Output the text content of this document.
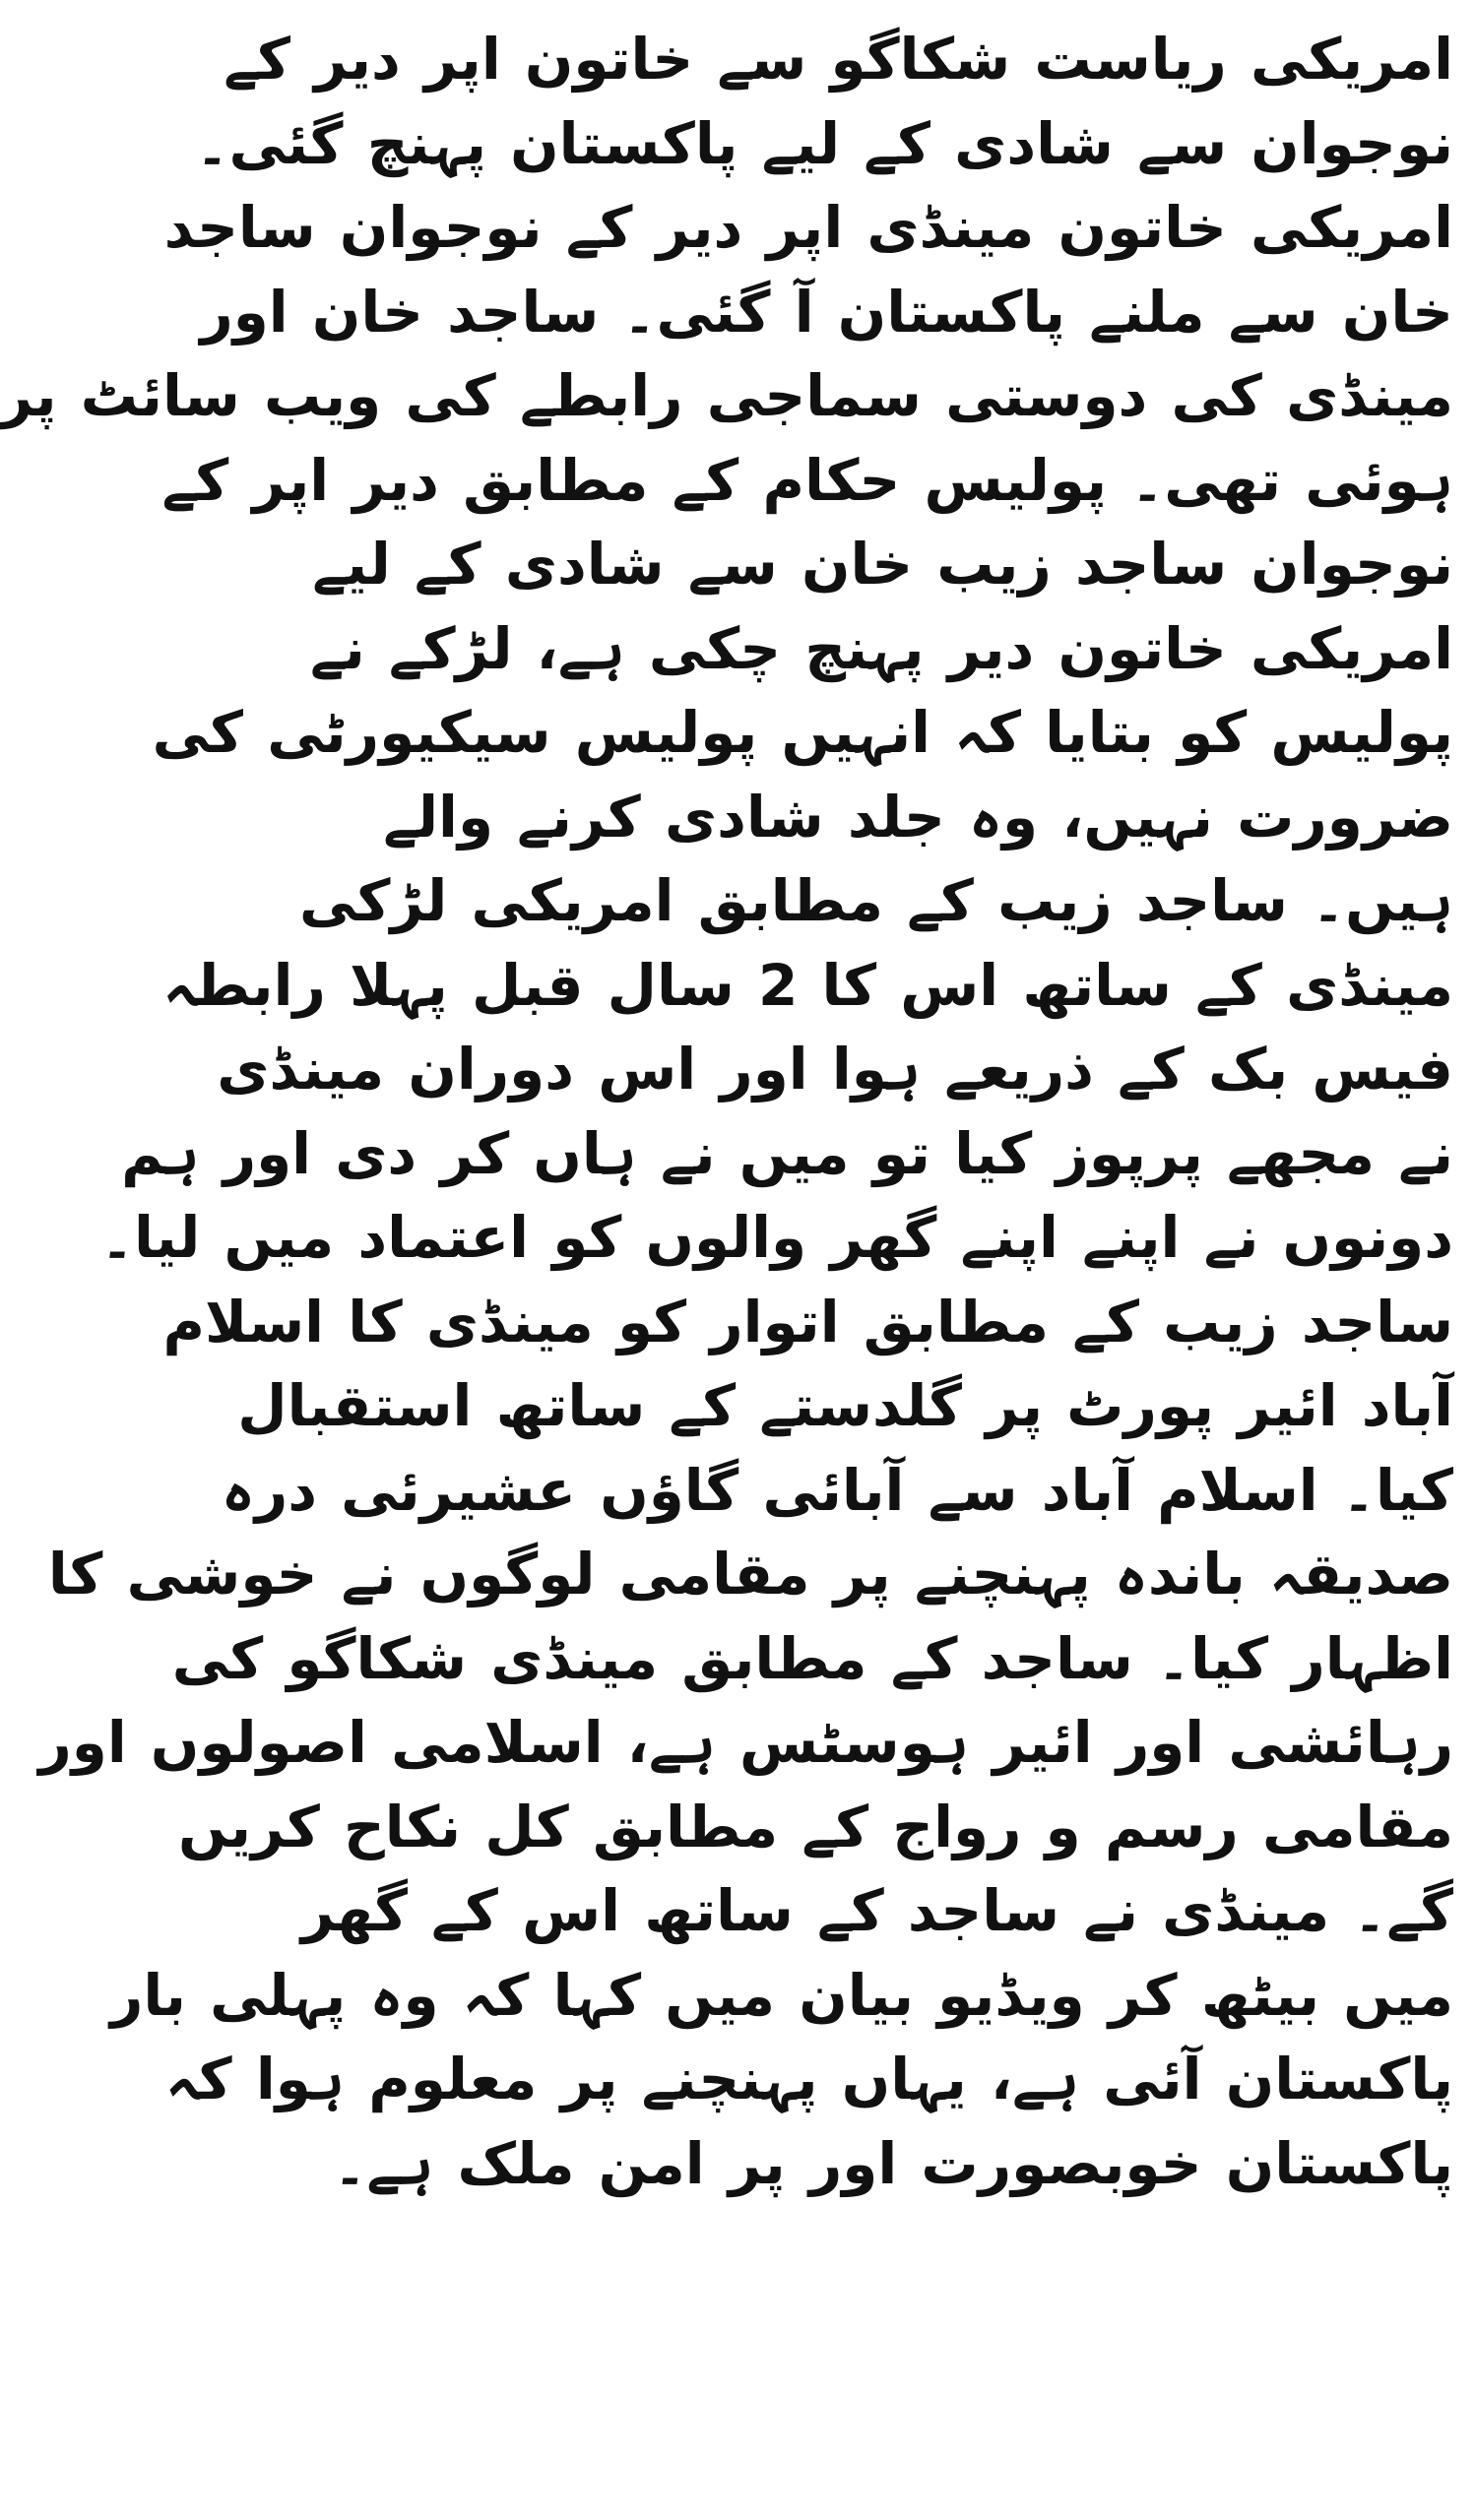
امریکی ریاست شکاگو سے خاتون اپر دیر کے
نوجوان سے شادی کے لیے پاکستان پہنچ گئی۔
امریکی خاتون مینڈی اپر دیر کے نوجوان ساجد
خان سے ملنے پاکستان آ گئی۔ ساجد خان اور
مینڈی کی دوستی سماجی رابطے کی ویب سائٹ پر
ہوئی تھی۔ پولیس حکام کے مطابق دیر اپر کے
نوجوان ساجد زیب خان سے شادی کے لیے
امریکی خاتون دیر پہنچ چکی ہے، لڑکے نے
پولیس کو بتایا کہ انہیں پولیس سیکیورٹی کی
ضرورت نہیں، وہ جلد شادی کرنے والے
ہیں۔ ساجد زیب کے مطابق امریکی لڑکی
مینڈی کے ساتھ اس کا 2 سال قبل پہلا رابطہ
فیس بک کے ذریعے ہوا اور اس دوران مینڈی
نے مجھے پرپوز کیا تو میں نے ہاں کر دی اور ہم
دونوں نے اپنے اپنے گھر والوں کو اعتماد میں لیا۔
ساجد زیب کے مطابق اتوار کو مینڈی کا اسلام
آباد ائیر پورٹ پر گلدستے کے ساتھ استقبال
کیا۔ اسلام آباد سے آبائی گاؤں عشیرئی درہ
صدیقہ باندہ پہنچنے پر مقامی لوگوں نے خوشی کا
اظہار کیا۔ ساجد کے مطابق مینڈی شکاگو کی
رہائشی اور ائیر ہوسٹس ہے، اسلامی اصولوں اور
مقامی رسم و رواج کے مطابق کل نکاح کریں
گے۔ مینڈی نے ساجد کے ساتھ اس کے گھر
میں بیٹھ کر ویڈیو بیان میں کہا کہ وہ پہلی بار
پاکستان آئی ہے، یہاں پہنچنے پر معلوم ہوا کہ
پاکستان خوبصورت اور پر امن ملک ہے۔
